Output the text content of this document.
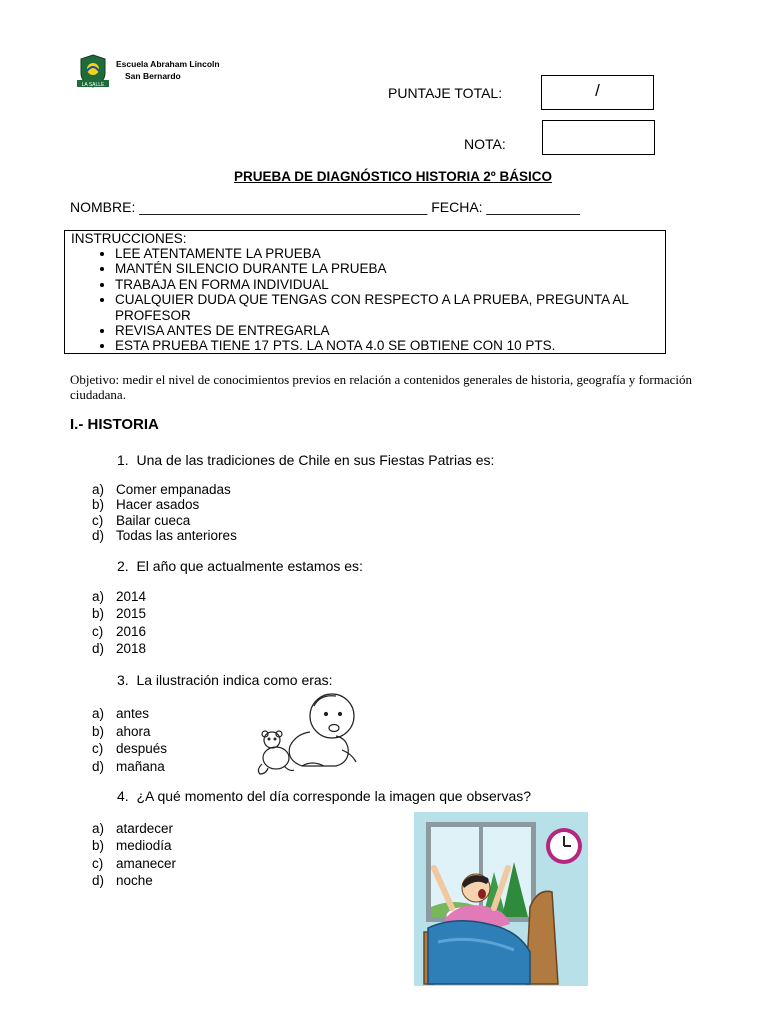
LA SALLE
Escuela Abraham Lincoln
San Bernardo
PUNTAJE TOTAL:	/
NOTA:
PRUEBA DE DIAGNÓSTICO HISTORIA 2º BÁSICO
NOMBRE: _____________________________________ FECHA: ____________
INSTRUCCIONES:
• LEE ATENTAMENTE LA PRUEBA
• MANTÉN SILENCIO DURANTE LA PRUEBA
• TRABAJA EN FORMA INDIVIDUAL
• CUALQUIER DUDA QUE TENGAS CON RESPECTO A LA PRUEBA, PREGUNTA AL PROFESOR
• REVISA ANTES DE ENTREGARLA
• ESTA PRUEBA TIENE 17 PTS. LA NOTA 4.0 SE OBTIENE CON 10 PTS.
Objetivo: medir el nivel de conocimientos previos en relación a contenidos generales de historia, geografía y formación ciudadana.
I.- HISTORIA
1. Una de las tradiciones de Chile en sus Fiestas Patrias es:
a) Comer empanadas
b) Hacer asados
c) Bailar cueca
d) Todas las anteriores
2. El año que actualmente estamos es:
a) 2014
b) 2015
c) 2016
d) 2018
3. La ilustración indica como eras:
a) antes
b) ahora
c) después
d) mañana
4. ¿A qué momento del día corresponde la imagen que observas?
a) atardecer
b) mediodía
c) amanecer
d) noche
